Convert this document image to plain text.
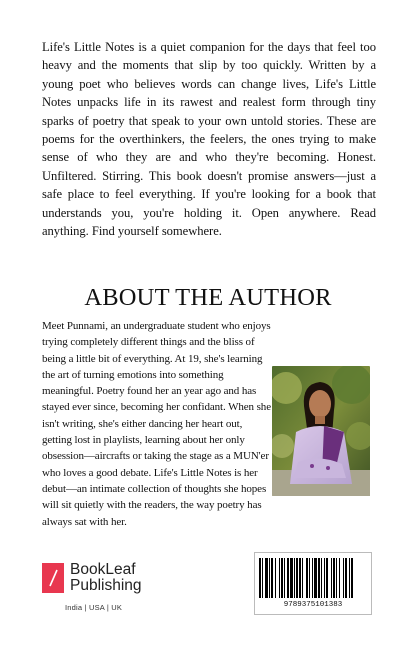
Life's Little Notes is a quiet companion for the days that feel too heavy and the moments that slip by too quickly. Written by a young poet who believes words can change lives, Life's Little Notes unpacks life in its rawest and realest form through tiny sparks of poetry that speak to your own untold stories. These are poems for the overthinkers, the feelers, the ones trying to make sense of who they are and who they're becoming. Honest. Unfiltered. Stirring. This book doesn't promise answers—just a safe place to feel everything. If you're looking for a book that understands you, you're holding it. Open anywhere. Read anything. Find yourself somewhere.
ABOUT THE AUTHOR
Meet Punnami, an undergraduate student who enjoys trying completely different things and the bliss of being a little bit of everything. At 19, she's learning the art of turning emotions into something meaningful. Poetry found her an year ago and has stayed ever since, becoming her confidant. When she isn't writing, she's either dancing her heart out, getting lost in playlists, learning about her only obsession—aircrafts or taking the stage as a MUN'er who loves a good debate. Life's Little Notes is her debut—an intimate collection of thoughts she hopes will sit quietly with the readers, the way poetry has always sat with her.
BookLeaf
Publishing
India | USA | UK	9789375101383
